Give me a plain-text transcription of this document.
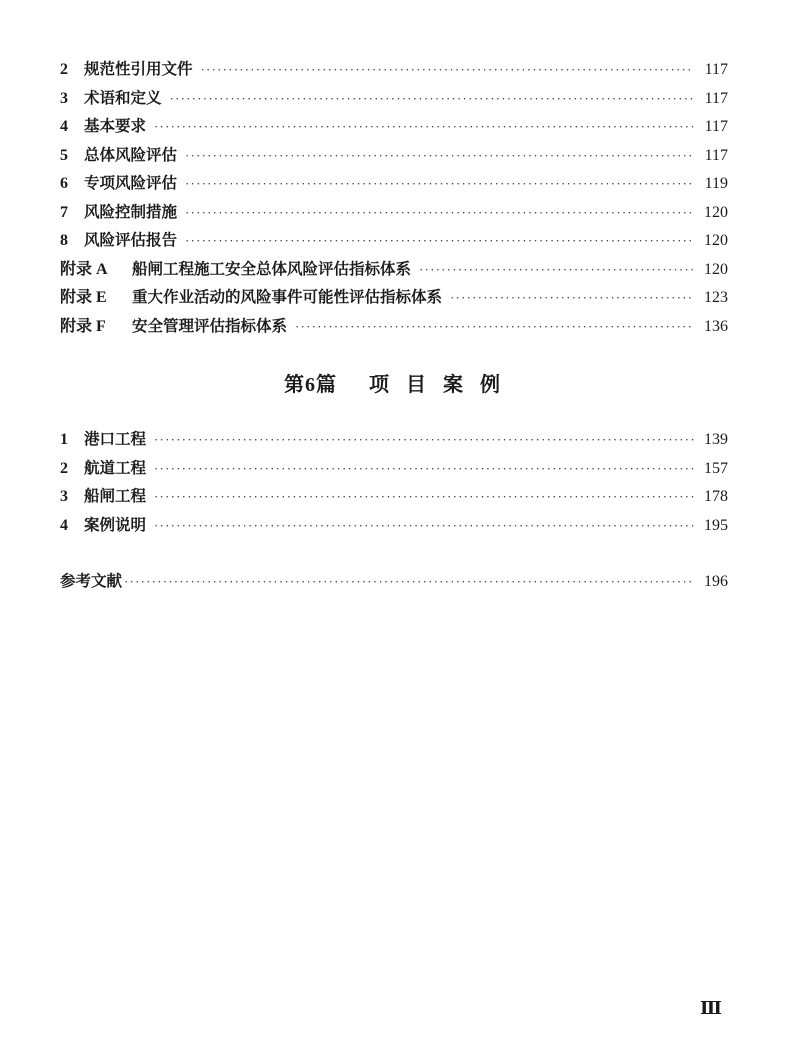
2	规范性引用文件 ·····	117
3	术语和定义 ·····	117
4	基本要求 ·····	117
5	总体风险评估 ·····	117
6	专项风险评估 ·····	119
7	风险控制措施 ·····	120
8	风险评估报告 ·····	120
附录 A	船闸工程施工安全总体风险评估指标体系 ·····	120
附录 E	重大作业活动的风险事件可能性评估指标体系 ·····	123
附录 F	安全管理评估指标体系 ·····	136
第6篇 项 目 案 例
1	港口工程 ·····	139
2	航道工程 ·····	157
3	船闸工程 ·····	178
4	案例说明 ·····	195
参考文献 ·····	196
Ⅲ
